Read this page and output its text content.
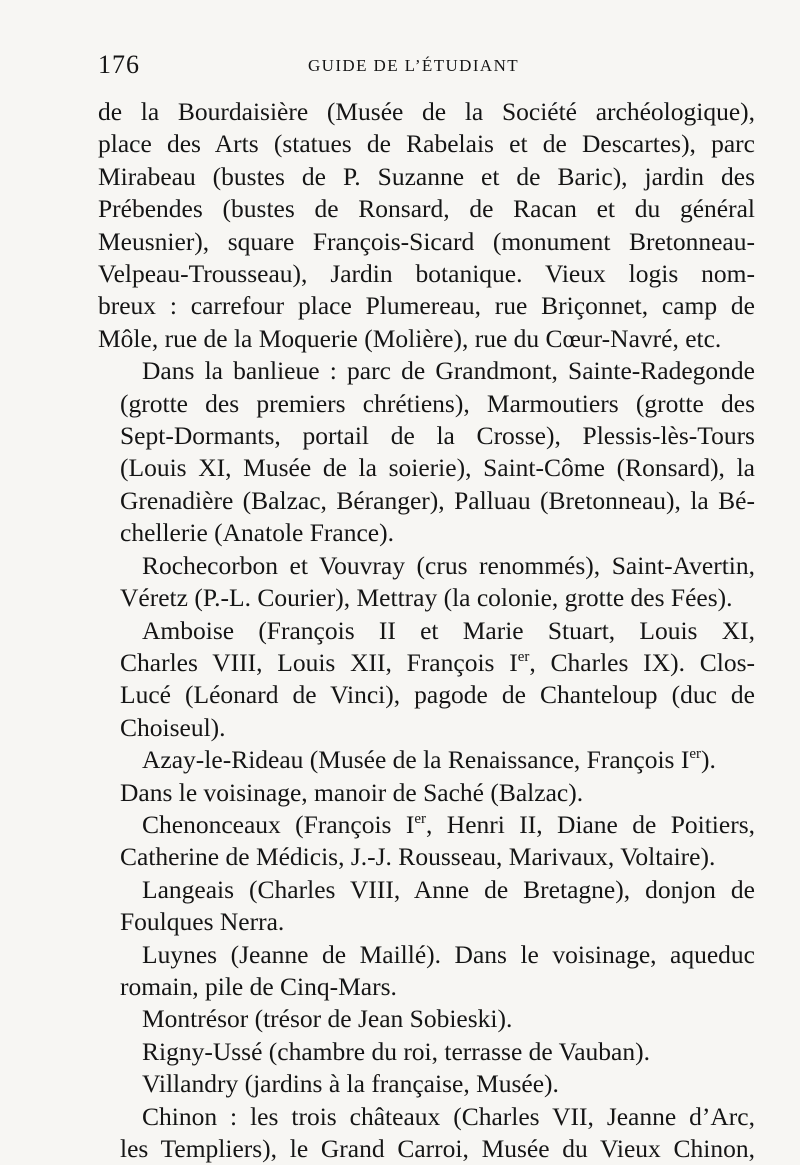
176	GUIDE DE L’ÉTUDIANT

de la Bourdaisière (Musée de la Société archéologique),
place des Arts (statues de Rabelais et de Descartes), parc
Mirabeau (bustes de P. Suzanne et de Baric), jardin des
Prébendes (bustes de Ronsard, de Racan et du général
Meusnier), square François-Sicard (monument Bretonneau-
Velpeau-Trousseau), Jardin botanique. Vieux logis nom-
breux : carrefour place Plumereau, rue Briçonnet, camp de
Môle, rue de la Moquerie (Molière), rue du Cœur-Navré, etc.

Dans la banlieue : parc de Grandmont, Sainte-Radegonde
(grotte des premiers chrétiens), Marmoutiers (grotte des
Sept-Dormants, portail de la Crosse), Plessis-lès-Tours
(Louis XI, Musée de la soierie), Saint-Côme (Ronsard), la
Grenadière (Balzac, Béranger), Palluau (Bretonneau), la Bé-
chellerie (Anatole France).

Rochecorbon et Vouvray (crus renommés), Saint-Avertin,
Véretz (P.-L. Courier), Mettray (la colonie, grotte des Fées).

Amboise (François II et Marie Stuart, Louis XI,
Charles VIII, Louis XII, François Ier, Charles IX). Clos-
Lucé (Léonard de Vinci), pagode de Chanteloup (duc de
Choiseul).

Azay-le-Rideau (Musée de la Renaissance, François Ier).
Dans le voisinage, manoir de Saché (Balzac).

Chenonceaux (François Ier, Henri II, Diane de Poitiers,
Catherine de Médicis, J.-J. Rousseau, Marivaux, Voltaire).

Langeais (Charles VIII, Anne de Bretagne), donjon de
Foulques Nerra.

Luynes (Jeanne de Maillé). Dans le voisinage, aqueduc
romain, pile de Cinq-Mars.

Montrésor (trésor de Jean Sobieski).

Rigny-Ussé (chambre du roi, terrasse de Vauban).

Villandry (jardins à la française, Musée).

Chinon : les trois châteaux (Charles VII, Jeanne d’Arc,
les Templiers), le Grand Carroi, Musée du Vieux Chinon,
